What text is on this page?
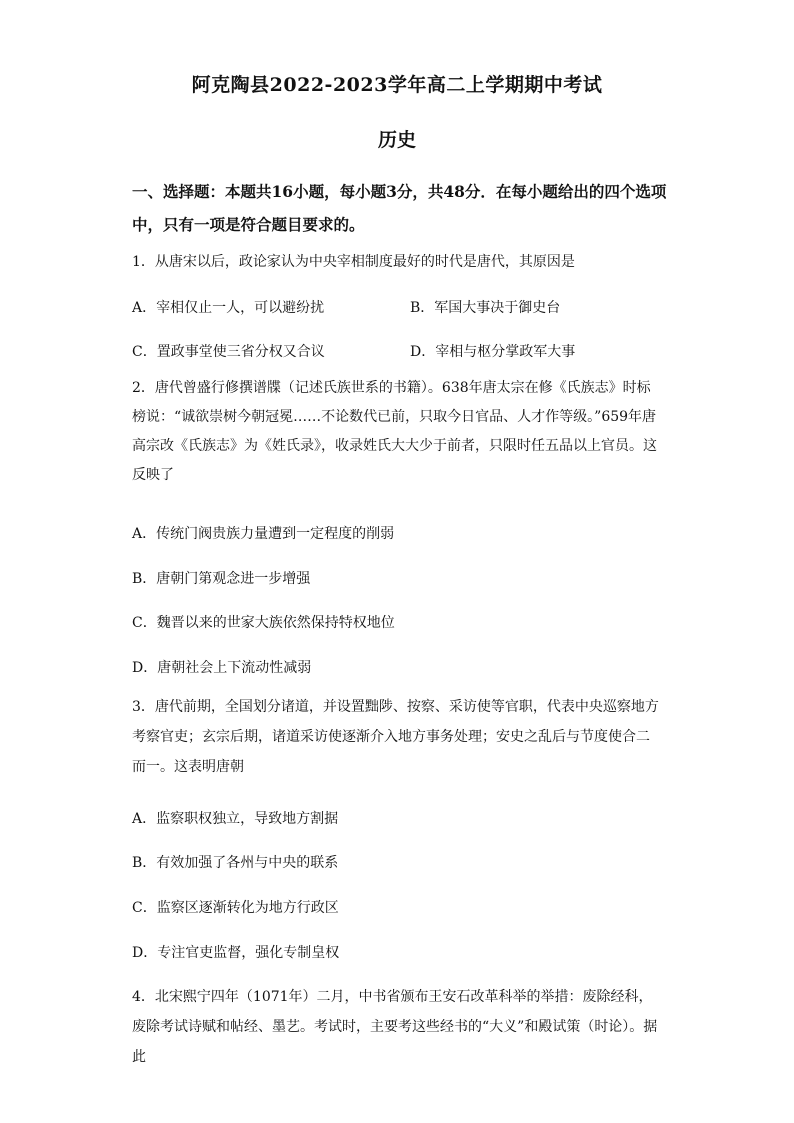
阿克陶县2022-2023学年高二上学期期中考试
历史
一、选择题：本题共16小题，每小题3分，共48分．在每小题给出的四个选项中，只有一项是符合题目要求的。
1．从唐宋以后，政论家认为中央宰相制度最好的时代是唐代，其原因是
A．宰相仅止一人，可以避纷扰	B．军国大事决于御史台
C．置政事堂使三省分权又合议	D．宰相与枢分掌政军大事
2．唐代曾盛行修撰谱牒（记述氏族世系的书籍）。638年唐太宗在修《氏族志》时标榜说：“诚欲崇树今朝冠冕……不论数代已前，只取今日官品、人才作等级。”659年唐高宗改《氏族志》为《姓氏录》，收录姓氏大大少于前者，只限时任五品以上官员。这反映了
A．传统门阀贵族力量遭到一定程度的削弱
B．唐朝门第观念进一步增强
C．魏晋以来的世家大族依然保持特权地位
D．唐朝社会上下流动性减弱
3．唐代前期，全国划分诸道，并设置黜陟、按察、采访使等官职，代表中央巡察地方考察官吏；玄宗后期，诸道采访使逐渐介入地方事务处理；安史之乱后与节度使合二而一。这表明唐朝
A．监察职权独立，导致地方割据
B．有效加强了各州与中央的联系
C．监察区逐渐转化为地方行政区
D．专注官吏监督，强化专制皇权
4．北宋熙宁四年（1071年）二月，中书省颁布王安石改革科举的举措：废除经科，废除考试诗赋和帖经、墨艺。考试时，主要考这些经书的“大义”和殿试策（时论）。据此
